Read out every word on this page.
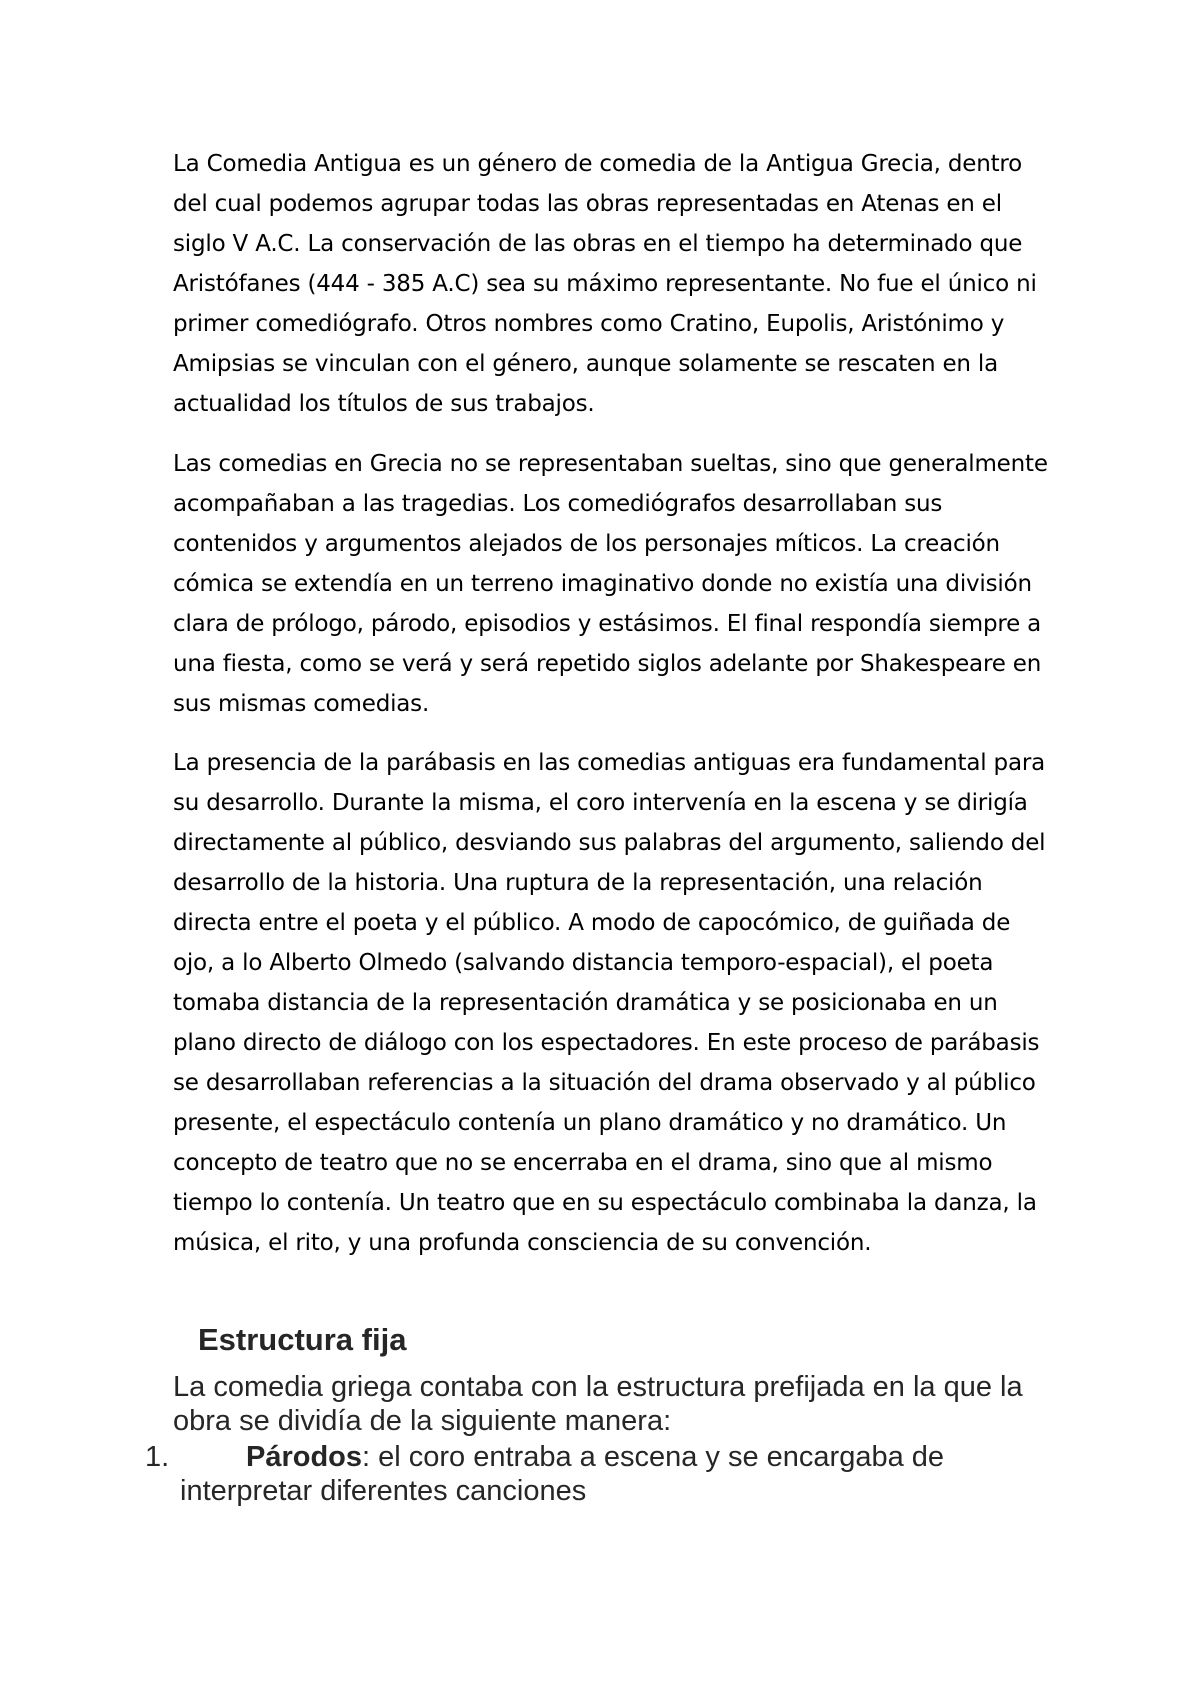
La Comedia Antigua es un género de comedia de la Antigua Grecia, dentro del cual podemos agrupar todas las obras representadas en Atenas en el siglo V A.C. La conservación de las obras en el tiempo ha determinado que Aristófanes (444 - 385 A.C) sea su máximo representante. No fue el único ni primer comediógrafo. Otros nombres como Cratino, Eupolis, Aristónimo y Amipsias se vinculan con el género, aunque solamente se rescaten en la actualidad los títulos de sus trabajos.

Las comedias en Grecia no se representaban sueltas, sino que generalmente acompañaban a las tragedias. Los comediógrafos desarrollaban sus contenidos y argumentos alejados de los personajes míticos. La creación cómica se extendía en un terreno imaginativo donde no existía una división clara de prólogo, párodo, episodios y estásimos. El final respondía siempre a una fiesta, como se verá y será repetido siglos adelante por Shakespeare en sus mismas comedias.

La presencia de la parábasis en las comedias antiguas era fundamental para su desarrollo. Durante la misma, el coro intervenía en la escena y se dirigía directamente al público, desviando sus palabras del argumento, saliendo del desarrollo de la historia. Una ruptura de la representación, una relación directa entre el poeta y el público. A modo de capocómico, de guiñada de ojo, a lo Alberto Olmedo (salvando distancia temporo-espacial), el poeta tomaba distancia de la representación dramática y se posicionaba en un plano directo de diálogo con los espectadores. En este proceso de parábasis se desarrollaban referencias a la situación del drama observado y al público presente, el espectáculo contenía un plano dramático y no dramático. Un concepto de teatro que no se encerraba en el drama, sino que al mismo tiempo lo contenía. Un teatro que en su espectáculo combinaba la danza, la música, el rito, y una profunda consciencia de su convención.

Estructura fija

La comedia griega contaba con la estructura prefijada en la que la obra se dividía de la siguiente manera:

1.	Párodos: el coro entraba a escena y se encargaba de interpretar diferentes canciones
